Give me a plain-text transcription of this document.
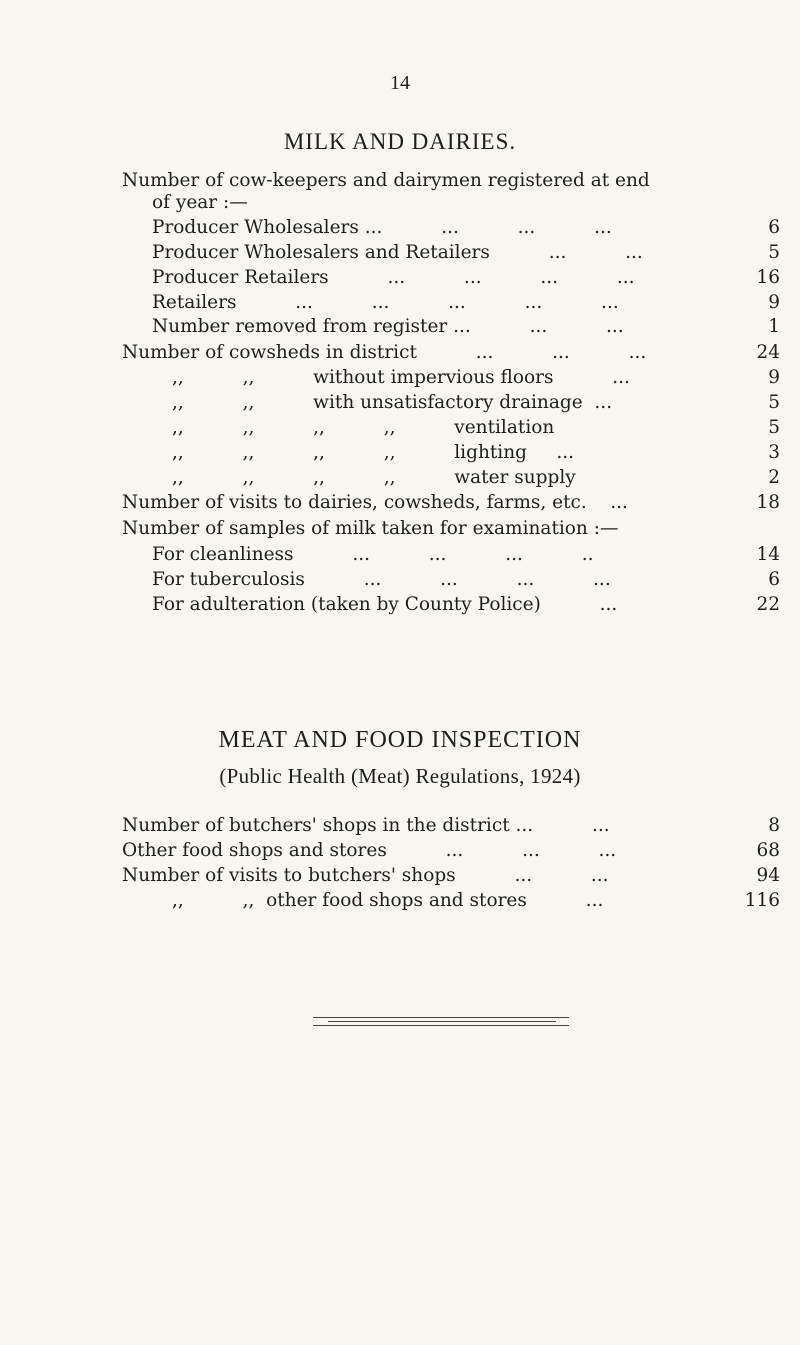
14
MILK AND DAIRIES.
Number of cow-keepers and dairymen registered at end
of year :—
Producer Wholesalers ...          ...          ...          ...	6
Producer Wholesalers and Retailers          ...          ...	5
Producer Retailers          ...          ...          ...          ...	16
Retailers          ...          ...          ...          ...          ...	9
Number removed from register ...          ...          ...	1
Number of cowsheds in district          ...          ...          ...	24
,,          ,,          without impervious floors          ...	9
,,          ,,          with unsatisfactory drainage  ...	5
,,          ,,          ,,          ,,          ventilation	5
,,          ,,          ,,          ,,          lighting     ...	3
,,          ,,          ,,          ,,          water supply	2
Number of visits to dairies, cowsheds, farms, etc.    ...	18
Number of samples of milk taken for examination :—
For cleanliness          ...          ...          ...          ..	14
For tuberculosis          ...          ...          ...          ...	6
For adulteration (taken by County Police)          ...	22
MEAT AND FOOD INSPECTION
(Public Health (Meat) Regulations, 1924)
Number of butchers' shops in the district ...          ...	8
Other food shops and stores          ...          ...          ...	68
Number of visits to butchers' shops          ...          ...	94
,,          ,,  other food shops and stores          ...	116
